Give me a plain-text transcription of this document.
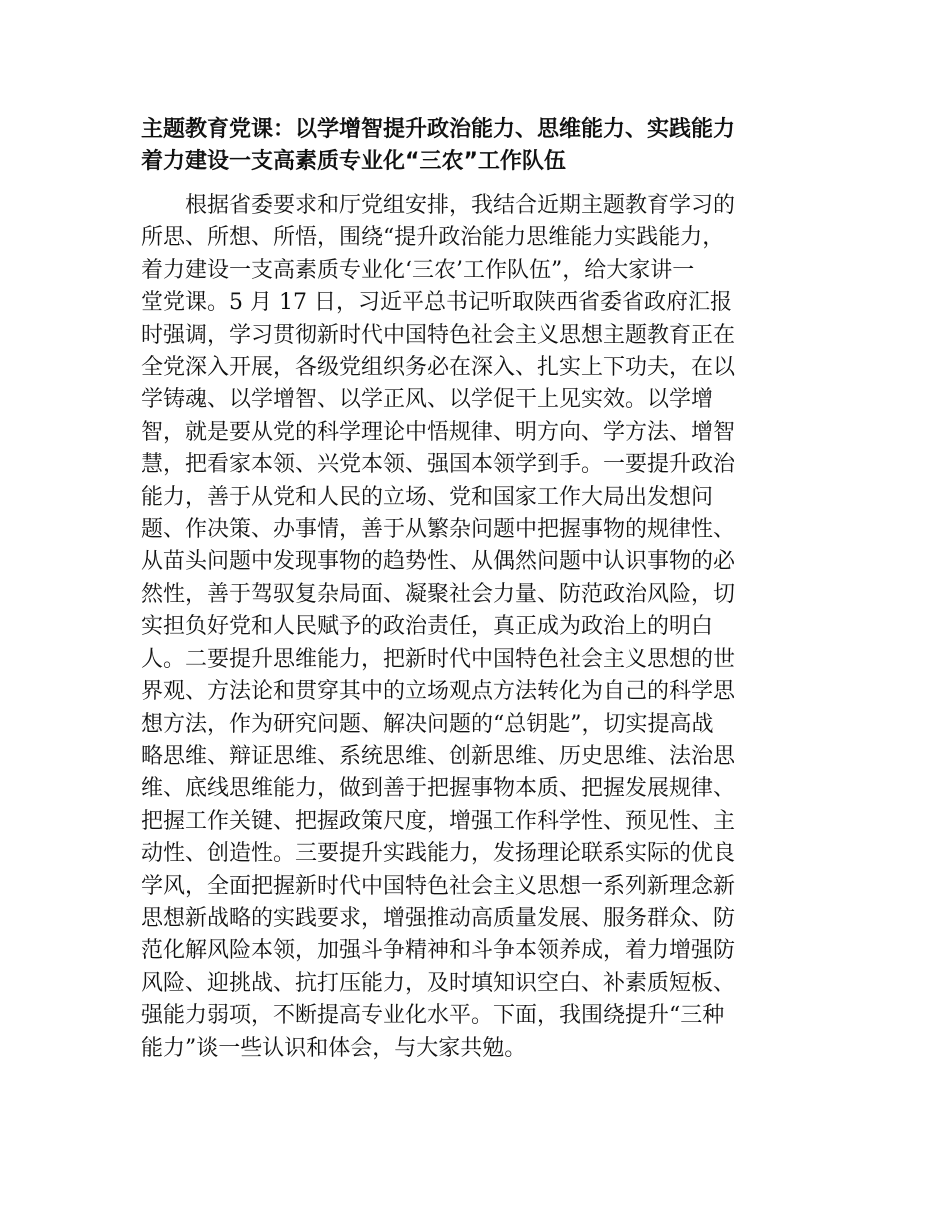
主题教育党课：以学增智提升政治能力、思维能力、实践能力
着力建设一支高素质专业化“三农”工作队伍

根据省委要求和厅党组安排，我结合近期主题教育学习的
所思、所想、所悟，围绕“提升政治能力思维能力实践能力，
着力建设一支高素质专业化‘三农’工作队伍”，给大家讲一
堂党课。5 月 17 日，习近平总书记听取陕西省委省政府汇报
时强调，学习贯彻新时代中国特色社会主义思想主题教育正在
全党深入开展，各级党组织务必在深入、扎实上下功夫，在以
学铸魂、以学增智、以学正风、以学促干上见实效。以学增
智，就是要从党的科学理论中悟规律、明方向、学方法、增智
慧，把看家本领、兴党本领、强国本领学到手。一要提升政治
能力，善于从党和人民的立场、党和国家工作大局出发想问
题、作决策、办事情，善于从繁杂问题中把握事物的规律性、
从苗头问题中发现事物的趋势性、从偶然问题中认识事物的必
然性，善于驾驭复杂局面、凝聚社会力量、防范政治风险，切
实担负好党和人民赋予的政治责任，真正成为政治上的明白
人。二要提升思维能力，把新时代中国特色社会主义思想的世
界观、方法论和贯穿其中的立场观点方法转化为自己的科学思
想方法，作为研究问题、解决问题的“总钥匙”，切实提高战
略思维、辩证思维、系统思维、创新思维、历史思维、法治思
维、底线思维能力，做到善于把握事物本质、把握发展规律、
把握工作关键、把握政策尺度，增强工作科学性、预见性、主
动性、创造性。三要提升实践能力，发扬理论联系实际的优良
学风，全面把握新时代中国特色社会主义思想一系列新理念新
思想新战略的实践要求，增强推动高质量发展、服务群众、防
范化解风险本领，加强斗争精神和斗争本领养成，着力增强防
风险、迎挑战、抗打压能力，及时填知识空白、补素质短板、
强能力弱项，不断提高专业化水平。下面，我围绕提升“三种
能力”谈一些认识和体会，与大家共勉。
